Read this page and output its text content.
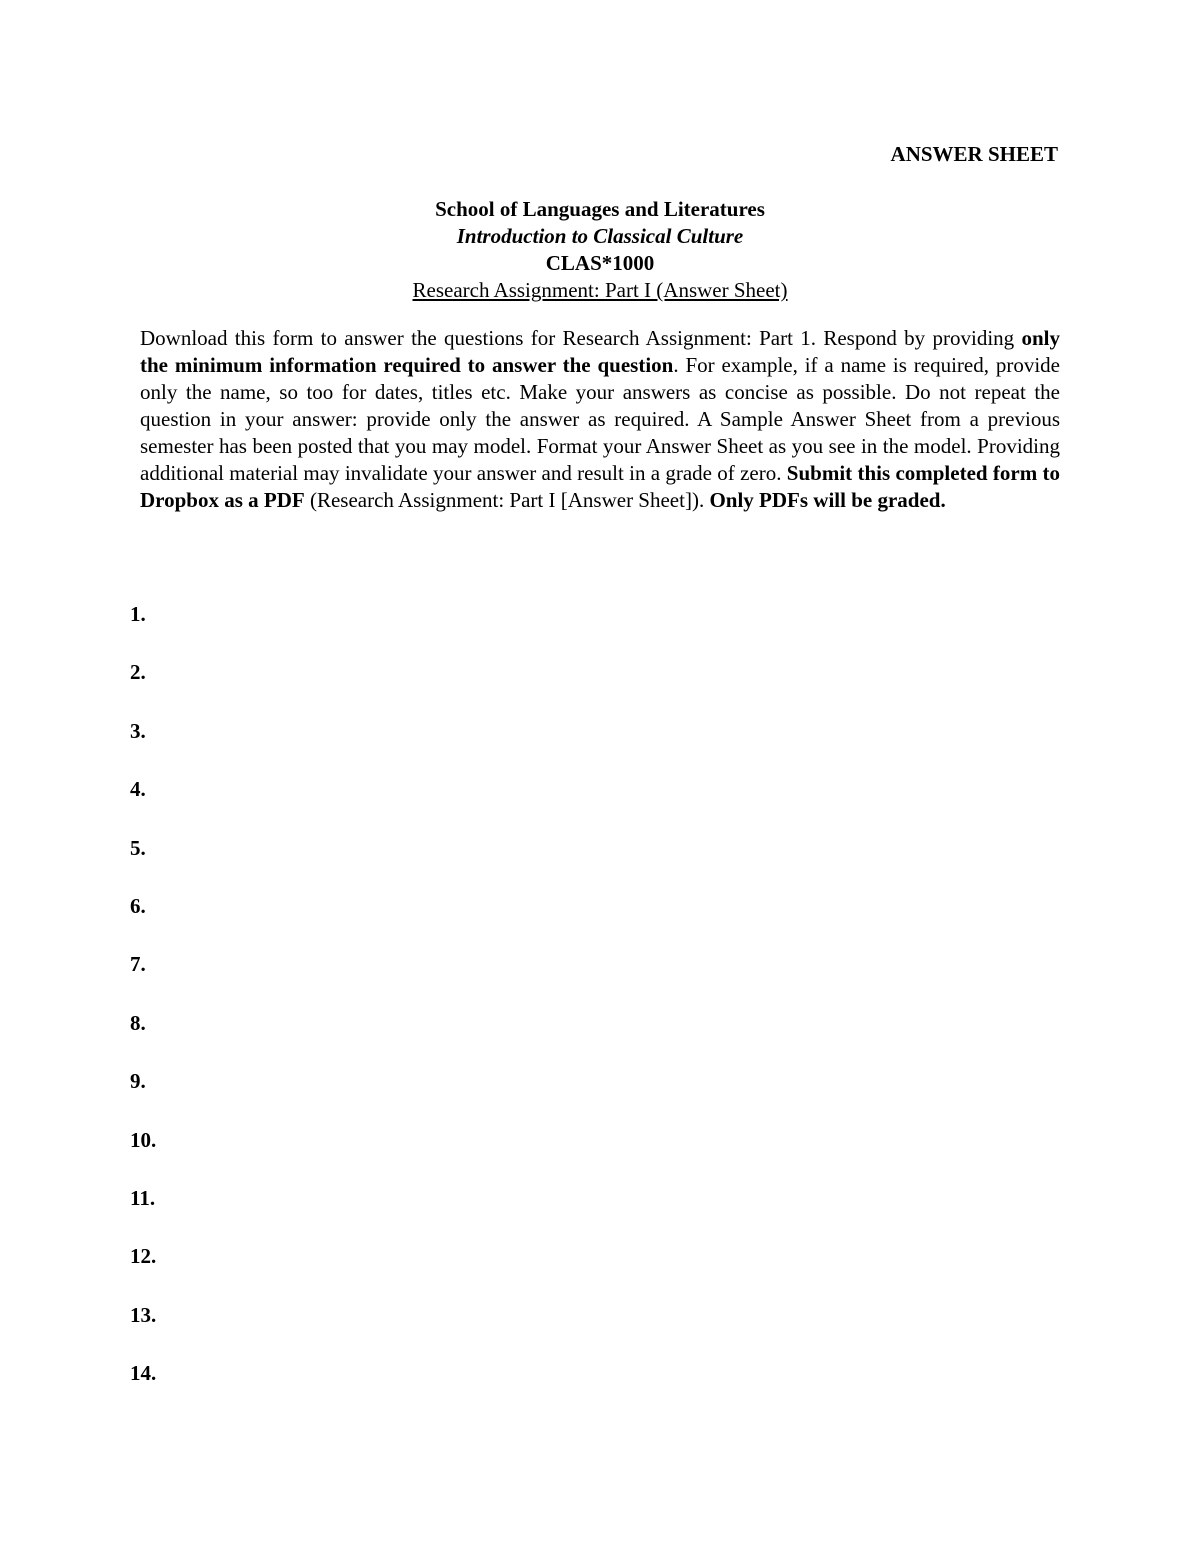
ANSWER SHEET
School of Languages and Literatures
Introduction to Classical Culture
CLAS*1000
Research Assignment: Part I (Answer Sheet)
Download this form to answer the questions for Research Assignment: Part 1. Respond by providing only the minimum information required to answer the question. For example, if a name is required, provide only the name, so too for dates, titles etc. Make your answers as concise as possible. Do not repeat the question in your answer: provide only the answer as required. A Sample Answer Sheet from a previous semester has been posted that you may model. Format your Answer Sheet as you see in the model. Providing additional material may invalidate your answer and result in a grade of zero. Submit this completed form to Dropbox as a PDF (Research Assignment: Part I [Answer Sheet]). Only PDFs will be graded.
1.
2.
3.
4.
5.
6.
7.
8.
9.
10.
11.
12.
13.
14.
